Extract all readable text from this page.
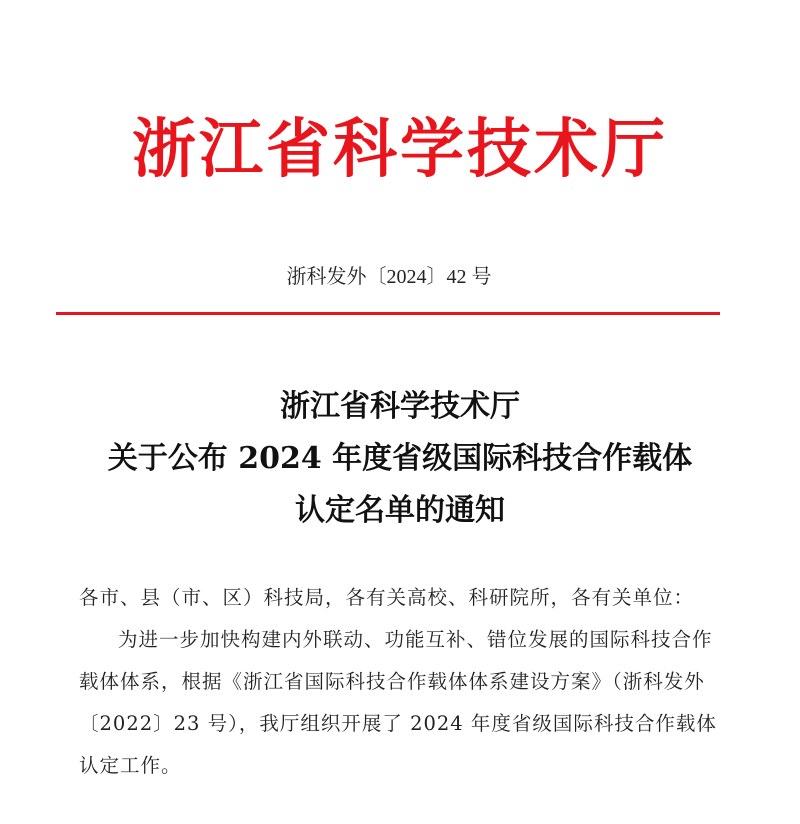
浙江省科学技术厅
浙科发外〔2024〕42 号
浙江省科学技术厅
关于公布 2024 年度省级国际科技合作载体
认定名单的通知

各市、县（市、区）科技局，各有关高校、科研院所，各有关单位：

为进一步加快构建内外联动、功能互补、错位发展的国际科技合作载体体系，根据《浙江省国际科技合作载体体系建设方案》（浙科发外〔2022〕23 号），我厅组织开展了 2024 年度省级国际科技合作载体认定工作。
